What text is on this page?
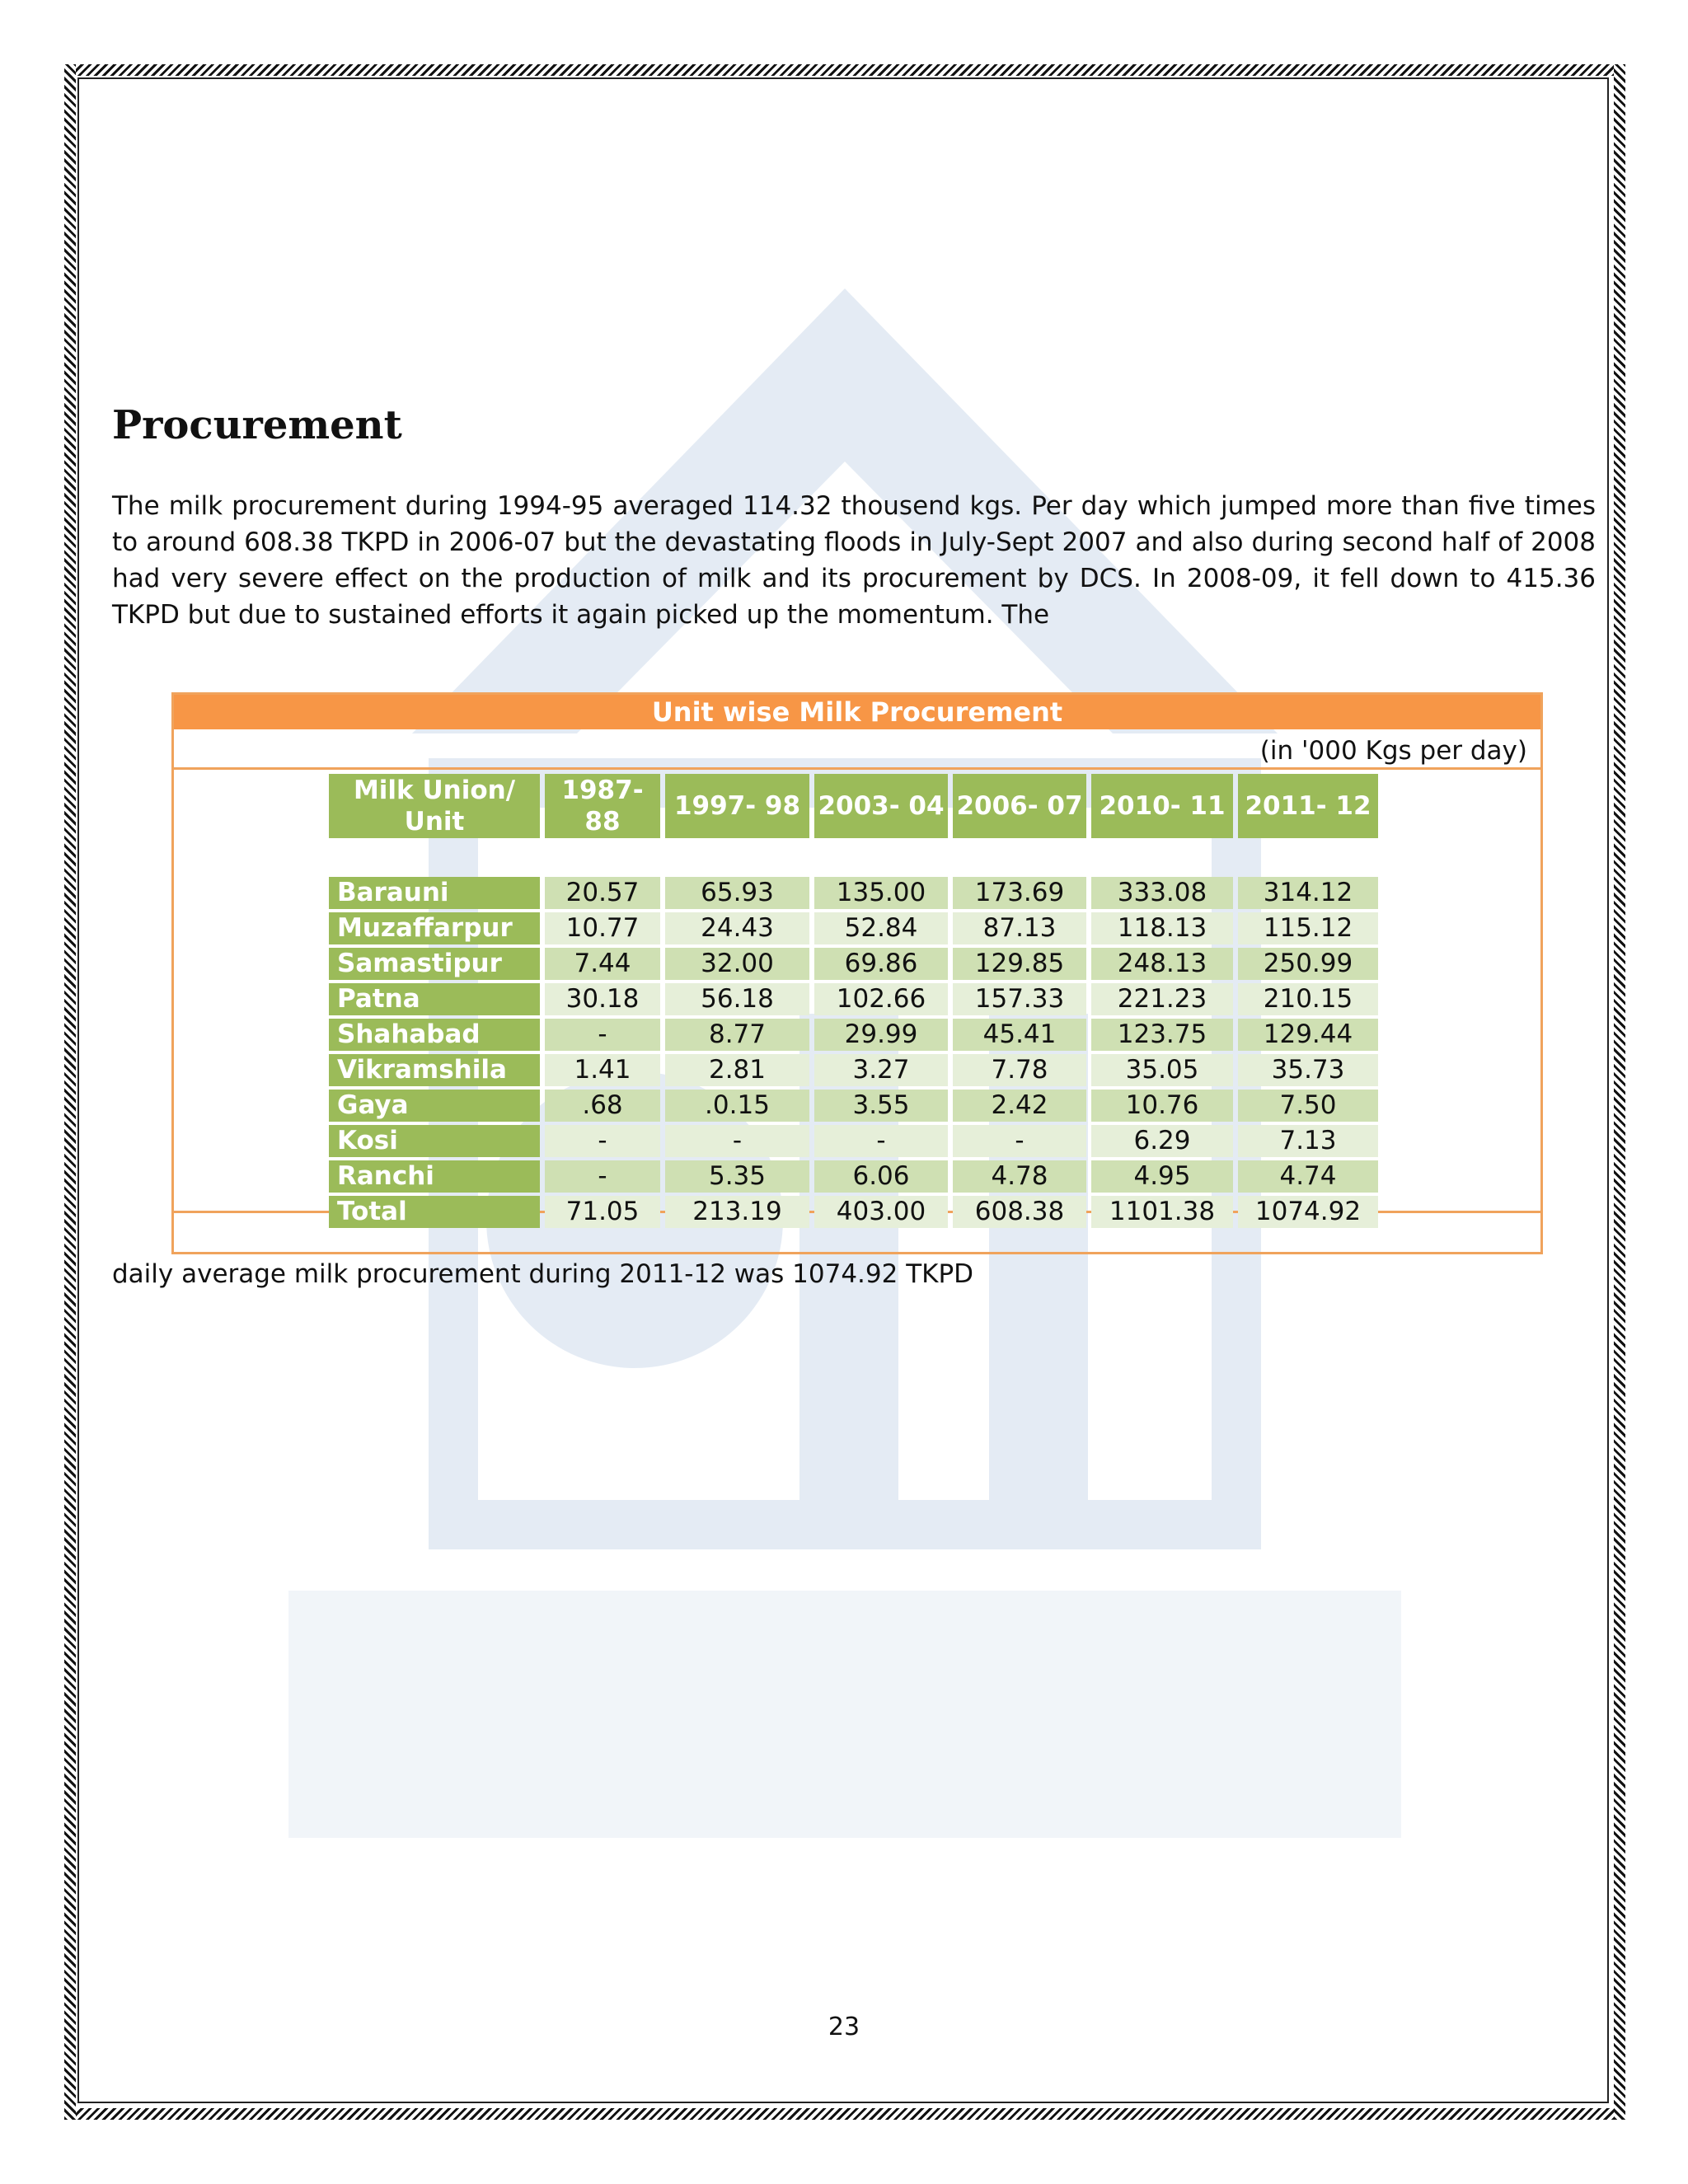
Procurement

The milk procurement during 1994-95 averaged 114.32 thousend kgs. Per day which jumped more than five times to around 608.38 TKPD in 2006-07 but the devastating floods in July-Sept 2007 and also during second half of 2008 had very severe effect on the production of milk and its procurement by DCS. In 2008-09, it fell down to 415.36 TKPD but due to sustained efforts it again picked up the momentum. The

Unit wise Milk Procurement
(in '000 Kgs per day)
Milk Union/ Unit	1987- 88	1997- 98	2003- 04	2006- 07	2010- 11	2011- 12

Barauni	20.57	65.93	135.00	173.69	333.08	314.12
Muzaffarpur	10.77	24.43	52.84	87.13	118.13	115.12
Samastipur	7.44	32.00	69.86	129.85	248.13	250.99
Patna	30.18	56.18	102.66	157.33	221.23	210.15
Shahabad	-	8.77	29.99	45.41	123.75	129.44
Vikramshila	1.41	2.81	3.27	7.78	35.05	35.73
Gaya	.68	.0.15	3.55	2.42	10.76	7.50
Kosi	-	-	-	-	6.29	7.13
Ranchi	-	5.35	6.06	4.78	4.95	4.74
Total	71.05	213.19	403.00	608.38	1101.38	1074.92

daily average milk procurement during 2011-12 was 1074.92 TKPD

23
